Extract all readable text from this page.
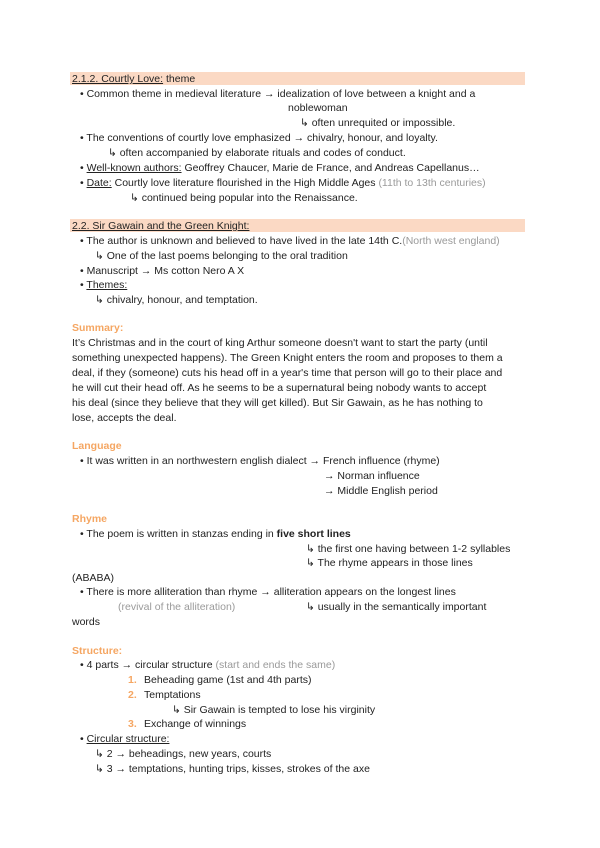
2.1.2. Courtly Love: theme
• Common theme in medieval literature → idealization of love between a knight and a
noblewoman
↳ often unrequited or impossible.
• The conventions of courtly love emphasized → chivalry, honour, and loyalty.
↳ often accompanied by elaborate rituals and codes of conduct.
• Well-known authors: Geoffrey Chaucer, Marie de France, and Andreas Capellanus…
• Date: Courtly love literature flourished in the High Middle Ages (11th to 13th centuries)
↳ continued being popular into the Renaissance.
2.2. Sir Gawain and the Green Knight:
• The author is unknown and believed to have lived in the late 14th C.(North west england)
↳ One of the last poems belonging to the oral tradition
• Manuscript → Ms cotton Nero A X
• Themes:
↳ chivalry, honour, and temptation.
Summary:
It’s Christmas and in the court of king Arthur someone doesn't want to start the party (until
something unexpected happens). The Green Knight enters the room and proposes to them a
deal, if they (someone) cuts his head off in a year's time that person will go to their place and
he will cut their head off. As he seems to be a supernatural being nobody wants to accept
his deal (since they believe that they will get killed). But Sir Gawain, as he has nothing to
lose, accepts the deal.
Language
• It was written in an northwestern english dialect → French influence (rhyme)
→ Norman influence
→ Middle English period
Rhyme
• The poem is written in stanzas ending in five short lines
↳ the first one having between 1-2 syllables
↳ The rhyme appears in those lines
(ABABA)
• There is more alliteration than rhyme → alliteration appears on the longest lines
(revival of the alliteration)	↳ usually in the semantically important
words
Structure:
• 4 parts → circular structure (start and ends the same)
1. Beheading game (1st and 4th parts)
2. Temptations
↳ Sir Gawain is tempted to lose his virginity
3. Exchange of winnings
• Circular structure:
↳ 2 → beheadings, new years, courts
↳ 3 → temptations, hunting trips, kisses, strokes of the axe
